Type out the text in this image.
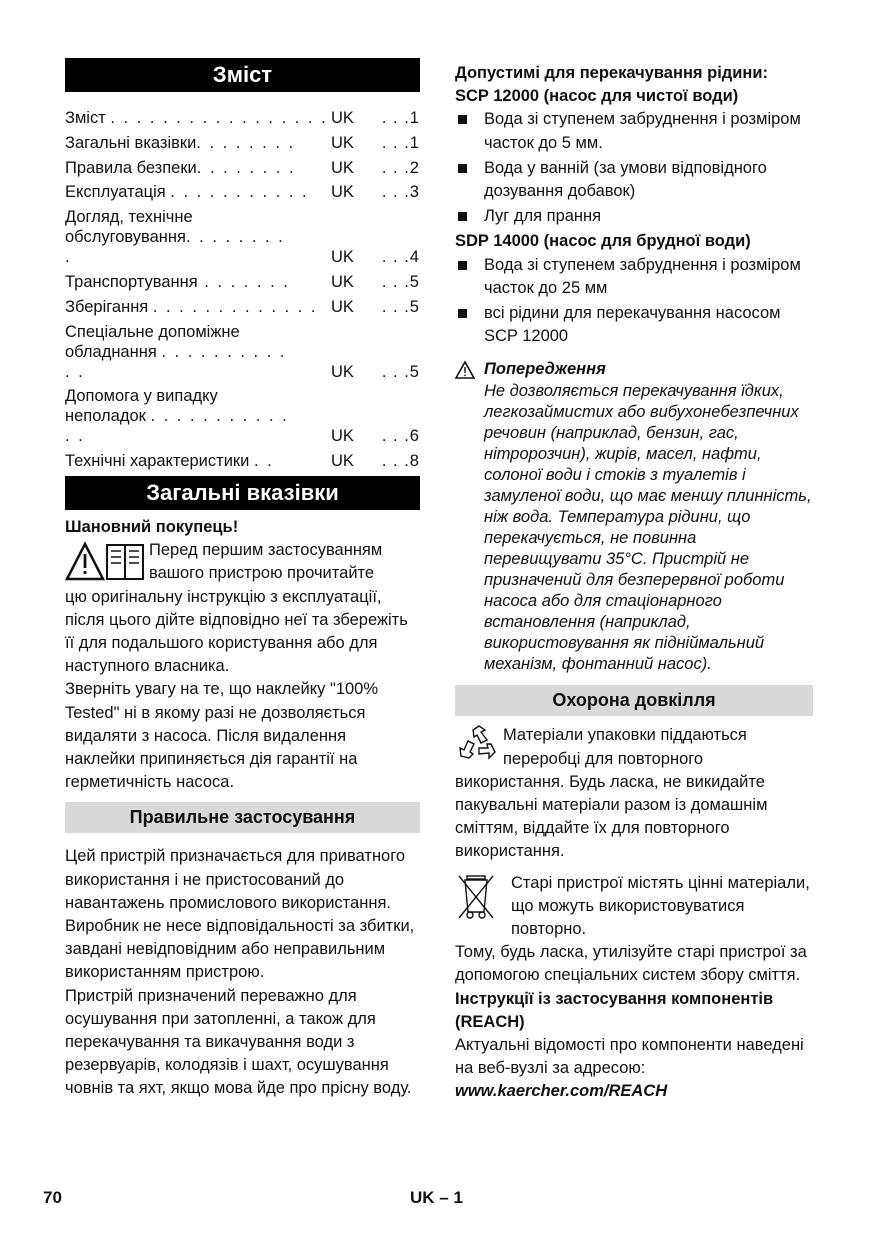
Зміст
Зміст . . . . . . . . . . . . . . . . . UK	. . .1
Загальні вказівки. . . . . . . .	UK	. . .1
Правила безпеки. . . . . . . .	UK	. . .2
Експлуатація . . . . . . . . . . .	UK	. . .3
Догляд, технічне
обслуговування. . . . . . . . .	UK	. . .4
Транспортування . . . . . . .	UK	. . .5
Зберігання . . . . . . . . . . . . . UK	. . .5
Спеціальне допоміжне
обладнання . . . . . . . . . . . .	UK	. . .5
Допомога у випадку
неполадок . . . . . . . . . . . . .	UK	. . .6
Технічні характеристики . .	UK	. . .8
Загальні вказівки

Шановний покупець!

Перед першим застосуванням вашого пристрою прочитайте

цю оригінальну інструкцію з експлуатації, після цього дійте відповідно неї та збережіть її для подальшого користування або для наступного власника.

Зверніть увагу на те, що наклейку "100% Tested" ні в якому разі не дозволяється видаляти з насоса. Після видалення наклейки припиняється дія гарантії на герметичність насоса.

Правильне застосування

Цей пристрій призначається для приватного використання і не пристосований до навантажень промислового використання.

Виробник не несе відповідальності за збитки, завдані невідповідним або неправильним використанням пристрою.

Пристрій призначений переважно для осушування при затопленні, а також для перекачування та викачування води з резервуарів, колодязів і шахт, осушування човнів та яхт, якщо мова йде про прісну воду.

Допустимі для перекачування рідини:

SCP 12000 (насос для чистої води)

Вода зі ступенем забруднення і розміром часток до 5 мм.
Вода у ванній (за умови відповідного дозування добавок)
Луг для прання

SDP 14000 (насос для брудної води)

Вода зі ступенем забруднення і розміром часток до 25 мм
всі рідини для перекачування насосом SCP 12000
Попередження
Не дозволяється перекачування їдких, легкозаймистих або вибухонебезпечних речовин (наприклад, бензин, гас, нітророзчин), жирів, масел, нафти, солоної води і стоків з туалетів і замуленої води, що має меншу плинність, ніж вода. Температура рідини, що перекачується, не повинна перевищувати 35°C. Пристрій не призначений для безперервної роботи насоса або для стаціонарного встановлення (наприклад, використовування як підніймальний механізм, фонтанний насос).
Охорона довкілля

Матеріали упаковки піддаються переробці для повторного

використання. Будь ласка, не викидайте пакувальні матеріали разом із домашнім сміттям, віддайте їх для повторного використання.

Старі пристрої містять цінні матеріали, що можуть використовуватися повторно.

Тому, будь ласка, утилізуйте старі пристрої за допомогою спеціальних систем збору сміття.

Інструкції із застосування компонентів (REACH)

Актуальні відомості про компоненти наведені на веб-вузлі за адресою:

www.kaercher.com/REACH

70	UK – 1
